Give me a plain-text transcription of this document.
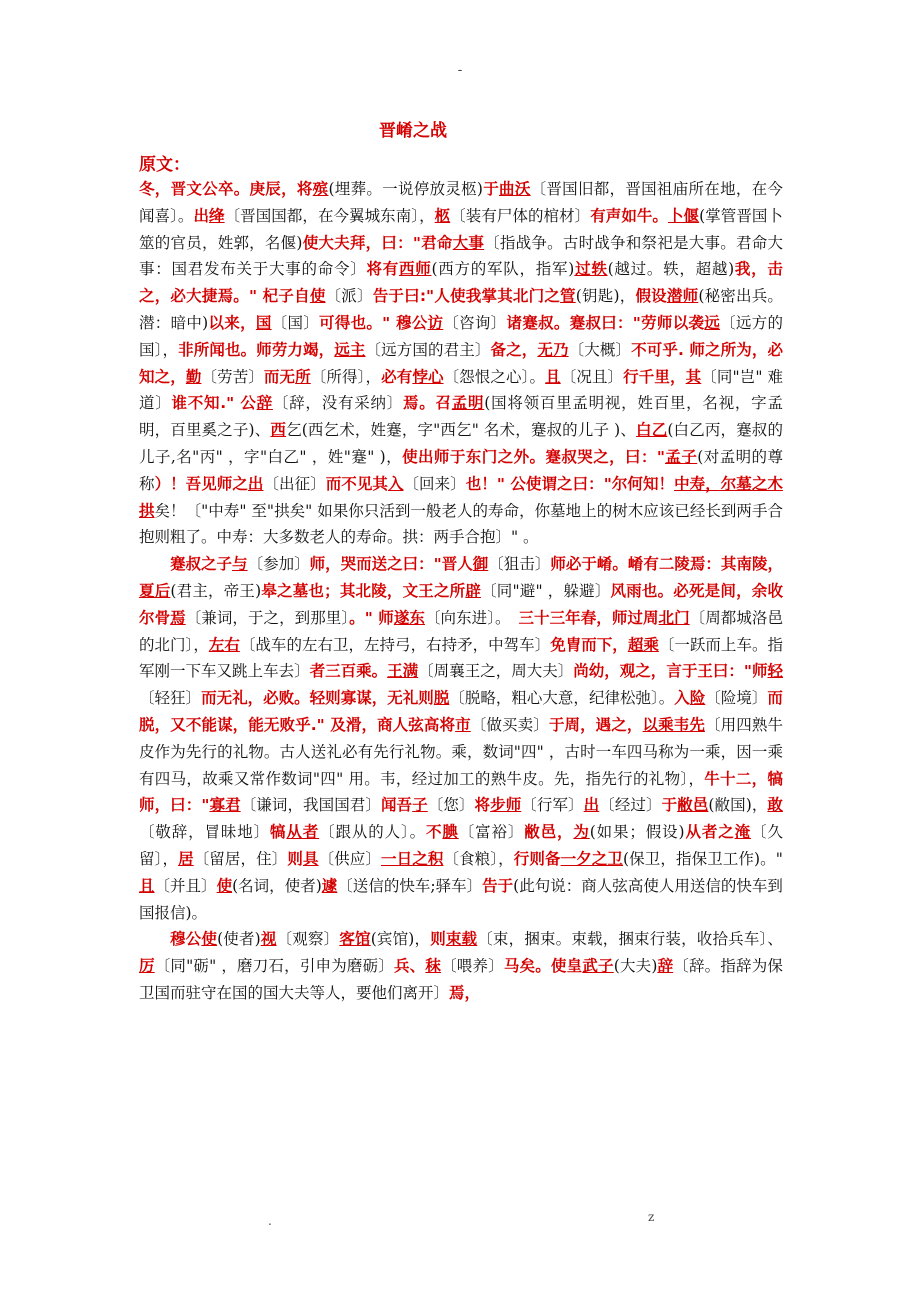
-
晋崤之战
原文：

冬，晋文公卒。庚辰，将殡(埋葬。一说停放灵柩)于曲沃〔晋国旧都，晋国祖庙所在地，在今闻喜〕。出绛〔晋国国都，在今翼城东南〕，柩〔装有尸体的棺材〕有声如牛。卜偃(掌管晋国卜筮的官员，姓郭，名偃)使大夫拜，曰："君命大事〔指战争。古时战争和祭祀是大事。君命大事：国君发布关于大事的命令〕将有西师(西方的军队，指军)过轶(越过。轶，超越)我，击之，必大捷焉。" 杞子自使〔派〕告于曰:"人使我掌其北门之管(钥匙)，假设潜师(秘密出兵。潜：暗中)以来，国〔国〕可得也。" 穆公访〔咨询〕诸蹇叔。蹇叔曰："劳师以袭远〔远方的国〕，非所闻也。师劳力竭，远主〔远方国的君主〕备之，无乃〔大概〕不可乎. 师之所为，必知之，勤〔劳苦〕而无所〔所得〕，必有悖心〔怨恨之心〕。且〔况且〕行千里，其〔同"岂" 难道〕谁不知." 公辞〔辞，没有采纳〕焉。召孟明(国将领百里孟明视，姓百里，名视，字孟明，百里奚之子)、西乞(西乞术，姓蹇，字"西乞" 名术，蹇叔的儿子 )、白乙(白乙丙，蹇叔的儿子,名"丙" ，字"白乙" ，姓"蹇" )，使出师于东门之外。蹇叔哭之，曰："孟子(对孟明的尊称）！吾见师之出〔出征〕而不见其入〔回来〕也！" 公使谓之曰："尔何知！中寿，尔墓之木拱矣！〔"中寿" 至"拱矣" 如果你只活到一般老人的寿命，你墓地上的树木应该已经长到两手合抱则粗了。中寿：大多数老人的寿命。拱：两手合抱〕" 。

蹇叔之子与〔参加〕师，哭而送之曰："晋人御〔狙击〕师必于崤。崤有二陵焉：其南陵，夏后(君主，帝王)皋之墓也；其北陵，文王之所辟〔同"避" ，躲避〕风雨也。必死是间，余收尔骨焉〔兼词，于之，到那里〕。" 师遂东〔向东进〕。　三十三年春，师过周北门〔周都城洛邑的北门〕，左右〔战车的左右卫，左持弓，右持矛，中驾车〕免胄而下，超乘〔一跃而上车。指军刚一下车又跳上车去〕者三百乘。王满〔周襄王之，周大夫〕尚幼，观之，言于王曰："师轻〔轻狂〕而无礼，必败。轻则寡谋，无礼则脱〔脱略，粗心大意，纪律松弛〕。入险〔险境〕而脱，又不能谋，能无败乎." 及滑，商人弦高将市〔做买卖〕于周，遇之，以乘韦先〔用四熟牛皮作为先行的礼物。古人送礼必有先行礼物。乘，数词"四" ，古时一车四马称为一乘，因一乘有四马，故乘又常作数词"四" 用。韦，经过加工的熟牛皮。先，指先行的礼物〕，牛十二，犒师，曰："寡君〔谦词，我国国君〕闻吾子〔您〕将步师〔行军〕出〔经过〕于敝邑(敝国)，敢〔敬辞，冒昧地〕犒从者〔跟从的人〕。不腆〔富裕〕敝邑，为(如果；假设)从者之淹〔久留〕，居〔留居，住〕则具〔供应〕一日之积〔食粮〕，行则备一夕之卫(保卫，指保卫工作)。" 且〔并且〕使(名词，使者)遽〔送信的快车;驿车〕告于(此句说：商人弦高使人用送信的快车到国报信)。

穆公使(使者)视〔观察〕客馆(宾馆)，则束载〔束，捆束。束载，捆束行装，收拾兵车〕、厉〔同"砺" ，磨刀石，引申为磨砺〕兵、秣〔喂养〕马矣。使皇武子(大夫)辞〔辞。指辞为保卫国而驻守在国的国大夫等人，要他们离开〕焉，

.	z
